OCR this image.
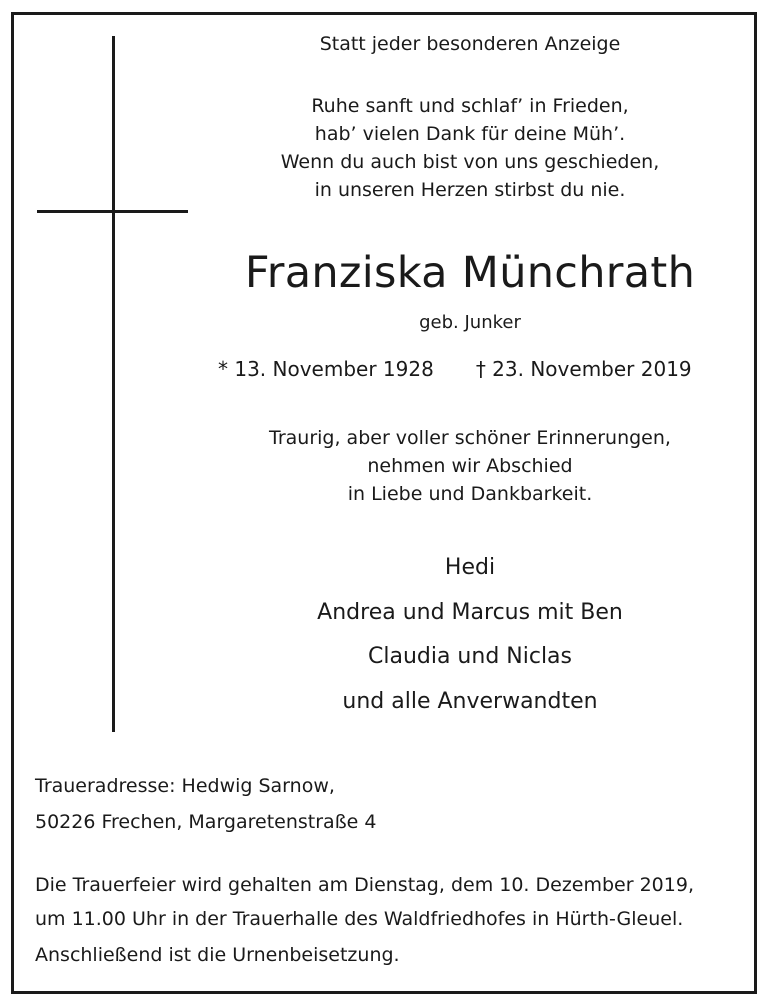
Statt jeder besonderen Anzeige
Ruhe sanft und schlaf’ in Frieden,
hab’ vielen Dank für deine Müh’.
Wenn du auch bist von uns geschieden,
in unseren Herzen stirbst du nie.
Franziska Münchrath
geb. Junker
* 13. November 1928 † 23. November 2019
Traurig, aber voller schöner Erinnerungen,
nehmen wir Abschied
in Liebe und Dankbarkeit.
Hedi
Andrea und Marcus mit Ben
Claudia und Niclas
und alle Anverwandten
Traueradresse: Hedwig Sarnow,
50226 Frechen, Margaretenstraße 4
Die Trauerfeier wird gehalten am Dienstag, dem 10. Dezember 2019,
um 11.00 Uhr in der Trauerhalle des Waldfriedhofes in Hürth-Gleuel.
Anschließend ist die Urnenbeisetzung.
